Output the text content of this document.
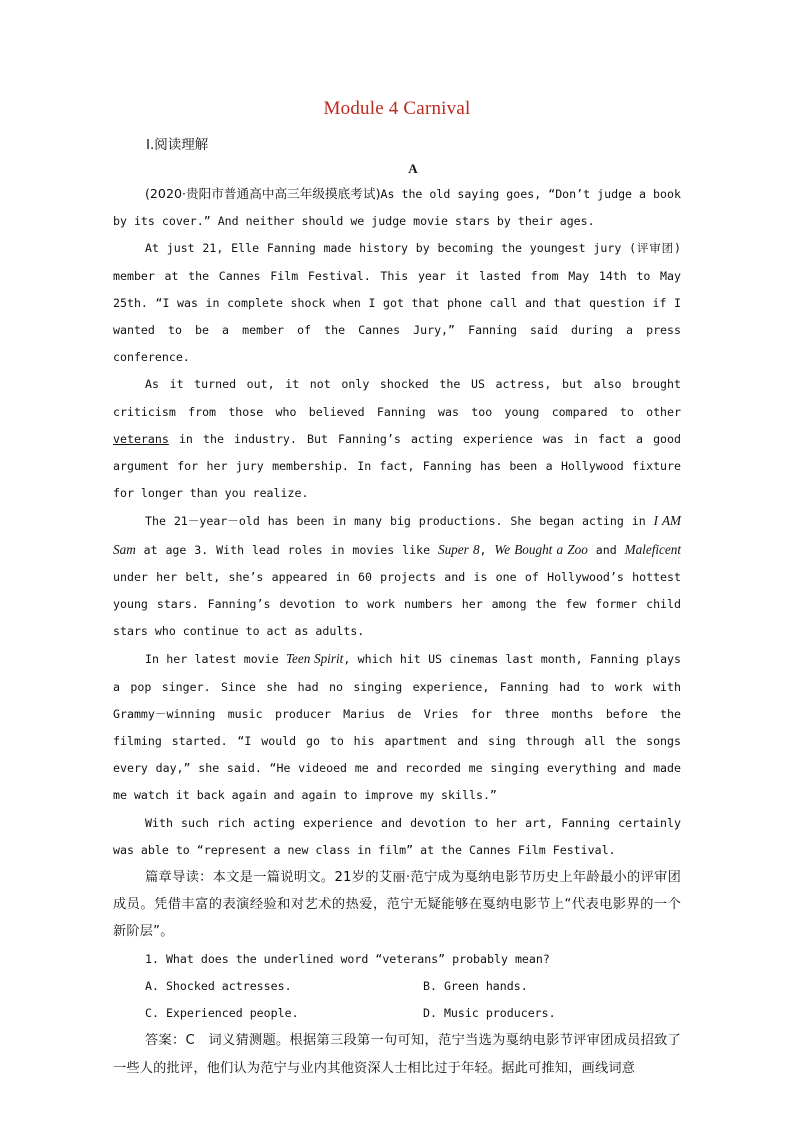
Module 4 Carnival
Ⅰ.阅读理解
A

(2020·贵阳市普通高中高三年级摸底考试)As the old saying goes, “Don’t judge a book by its cover.” And neither should we judge movie stars by their ages.

At just 21, Elle Fanning made history by becoming the youngest jury (评审团) member at the Cannes Film Festival. This year it lasted from May 14th to May 25th. “I was in complete shock when I got that phone call and that question if I wanted to be a member of the Cannes Jury,” Fanning said during a press conference.

As it turned out, it not only shocked the US actress, but also brought criticism from those who believed Fanning was too young compared to other veterans in the industry. But Fanning’s acting experience was in fact a good argument for her jury membership. In fact, Fanning has been a Hollywood fixture for longer than you realize.

The 21－year－old has been in many big productions. She began acting in I AM Sam at age 3. With lead roles in movies like Super 8, We Bought a Zoo and Maleficent under her belt, she’s appeared in 60 projects and is one of Hollywood’s hottest young stars. Fanning’s devotion to work numbers her among the few former child stars who continue to act as adults.

In her latest movie Teen Spirit, which hit US cinemas last month, Fanning plays a pop singer. Since she had no singing experience, Fanning had to work with Grammy－winning music producer Marius de Vries for three months before the filming started. “I would go to his apartment and sing through all the songs every day,” she said. “He videoed me and recorded me singing everything and made me watch it back again and again to improve my skills.”

With such rich acting experience and devotion to her art, Fanning certainly was able to “represent a new class in film” at the Cannes Film Festival.

篇章导读：本文是一篇说明文。21岁的艾丽·范宁成为戛纳电影节历史上年龄最小的评审团成员。凭借丰富的表演经验和对艺术的热爱，范宁无疑能够在戛纳电影节上“代表电影界的一个新阶层”。

1. What does the underlined word “veterans” probably mean?

A. Shocked actresses.	B. Green hands.
C. Experienced people.	D. Music producers.

答案：C　词义猜测题。根据第三段第一句可知，范宁当选为戛纳电影节评审团成员招致了一些人的批评，他们认为范宁与业内其他资深人士相比过于年轻。据此可推知，画线词意
